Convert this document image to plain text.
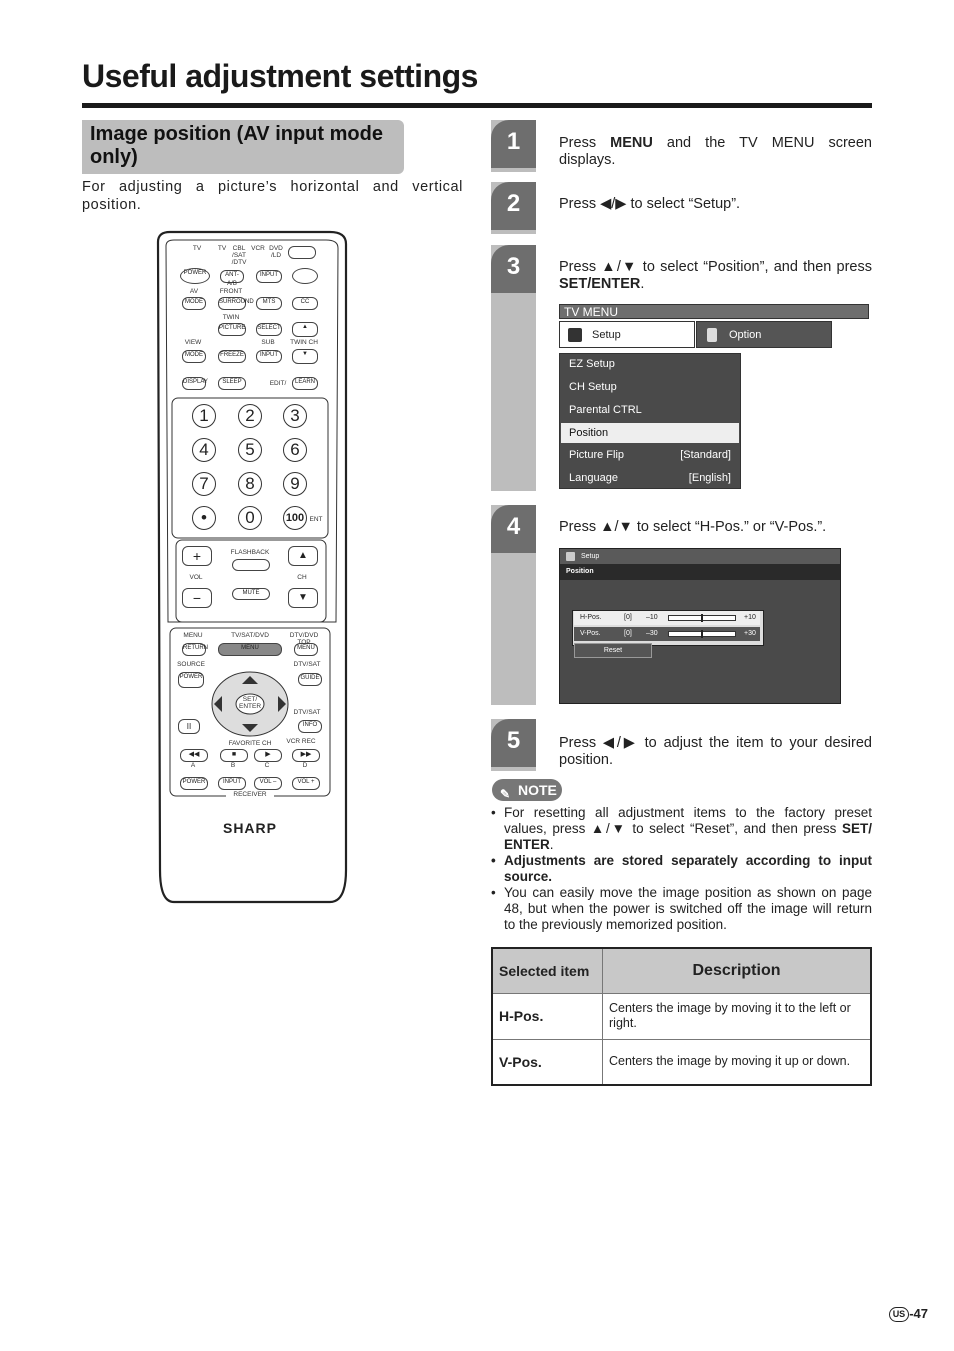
Useful adjustment settings
Image position (AV input mode only)
For adjusting a picture’s horizontal and vertical position.
TV	TV	CBL /SAT /DTV
VCR DVD /LD
POWER	ANT-A/B
INPUT
AV	FRONT
MODE	SURROUND	MTS	CC
TWIN
PICTURE SELECT	▲
VIEW	SUB	TWIN CH
MODE	FREEZE	INPUT	▼
DISPLAY	SLEEP	EDIT/	LEARN
1	2	3
4	5	6
7	8	9
•	0	100 ENT
+
VOL
−
FLASHBACK
MUTE
▲
CH
▼
MENU	TV/SAT/DVD	DTV/DVD
RETURN	MENU	MENU
SOURCE	DTV/SAT
POWER	GUIDE
SET/ ENTER
DTV/SAT
II	INFO
FAVORITE CH	VCR REC
◀◀	■	▶	▶▶
A	B	C	D
POWER	INPUT	VOL –	VOL +
RECEIVER
SHARP
1	Press MENU and the TV MENU screen displays.
2	Press ◀/▶ to select “Setup”.
3	Press ▲/▼ to select “Position”, and then press SET/ENTER.
TV MENU
Setup	Option
EZ Setup
CH Setup
Parental CTRL
Position
Picture Flip	[Standard]
Language	[English]
4	Press ▲/▼ to select “H-Pos.” or “V-Pos.”.
Setup
Position
H-Pos.	[0] –10	+10
V-Pos.	[0] –30	+30
Reset
5	Press ◀/▶ to adjust the item to your desired position.
✎ NOTE
• For resetting all adjustment items to the factory preset values, press ▲/▼ to select “Reset”, and then press SET/ ENTER.
• Adjustments are stored separately according to input source.
• You can easily move the image position as shown on page 48, but when the power is switched off the image will return to the previously memorized position.
Selected item	Description
H-Pos.	Centers the image by moving it to the left or right.
V-Pos.	Centers the image by moving it up or down.
US -47
